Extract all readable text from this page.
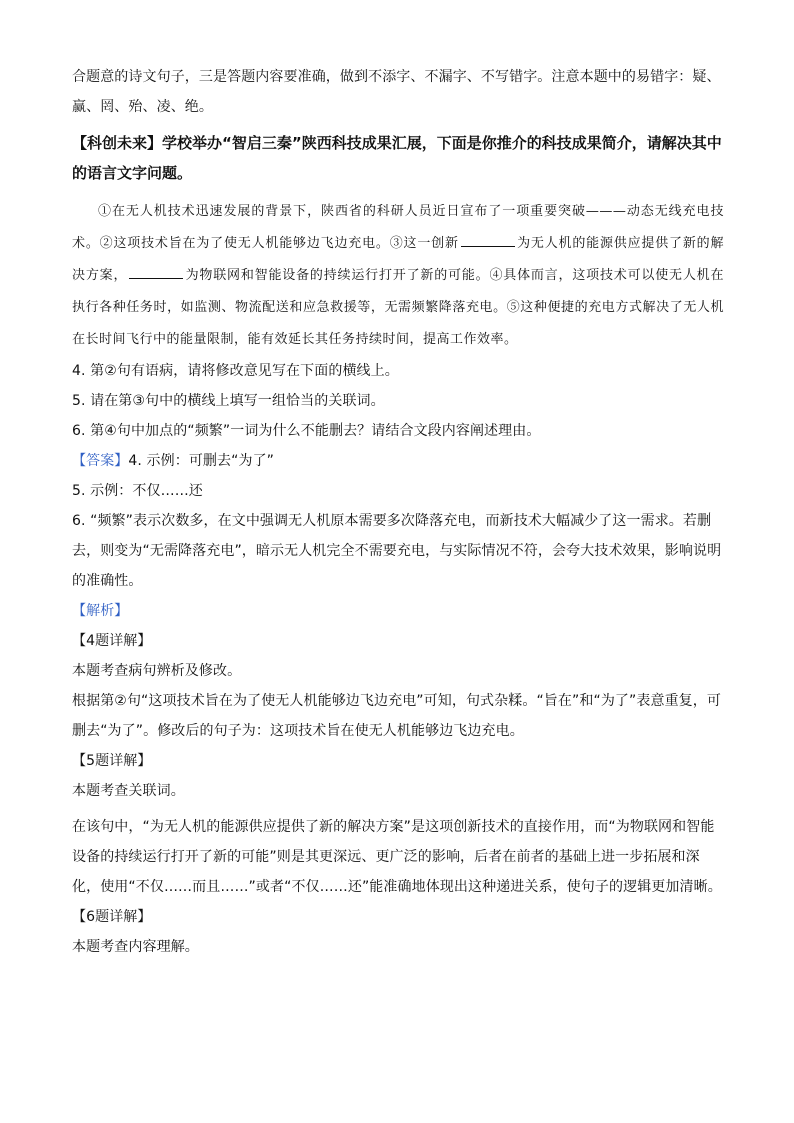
合题意的诗文句子，三是答题内容要准确，做到不添字、不漏字、不写错字。注意本题中的易错字：疑、

赢、罔、殆、凌、绝。

【科创未来】学校举办“智启三秦”陕西科技成果汇展，下面是你推介的科技成果简介，请解决其中的语言文字问题。

①在无人机技术迅速发展的背景下，陕西省的科研人员近日宣布了一项重要突破———动态无线充电技术。②这项技术旨在为了使无人机能够边飞边充电。③这一创新	为无人机的能源供应提供了新的解决方案，	为物联网和智能设备的持续运行打开了新的可能。④具体而言，这项技术可以使无人机在执行各种任务时，如监测、物流配送和应急救援等，无需频繁降落充电。⑤这种便捷的充电方式解决了无人机在长时间飞行中的能量限制，能有效延长其任务持续时间，提高工作效率。

4. 第②句有语病，请将修改意见写在下面的横线上。

5. 请在第③句中的横线上填写一组恰当的关联词。

6. 第④句中加点的“频繁”一词为什么不能删去？请结合文段内容阐述理由。

【答案】4. 示例：可删去“为了”

5. 示例：不仅……还

6. “频繁”表示次数多，在文中强调无人机原本需要多次降落充电，而新技术大幅减少了这一需求。若删去，则变为“无需降落充电”，暗示无人机完全不需要充电，与实际情况不符，会夸大技术效果，影响说明的准确性。

【解析】

【4题详解】

本题考查病句辨析及修改。

根据第②句“这项技术旨在为了使无人机能够边飞边充电”可知，句式杂糅。“旨在”和“为了”表意重复，可删去“为了”。修改后的句子为：这项技术旨在使无人机能够边飞边充电。

【5题详解】

本题考查关联词。

在该句中，“为无人机的能源供应提供了新的解决方案”是这项创新技术的直接作用，而“为物联网和智能设备的持续运行打开了新的可能”则是其更深远、更广泛的影响，后者在前者的基础上进一步拓展和深化，使用“不仅……而且……”或者“不仅……还”能准确地体现出这种递进关系，使句子的逻辑更加清晰。

【6题详解】

本题考查内容理解。
